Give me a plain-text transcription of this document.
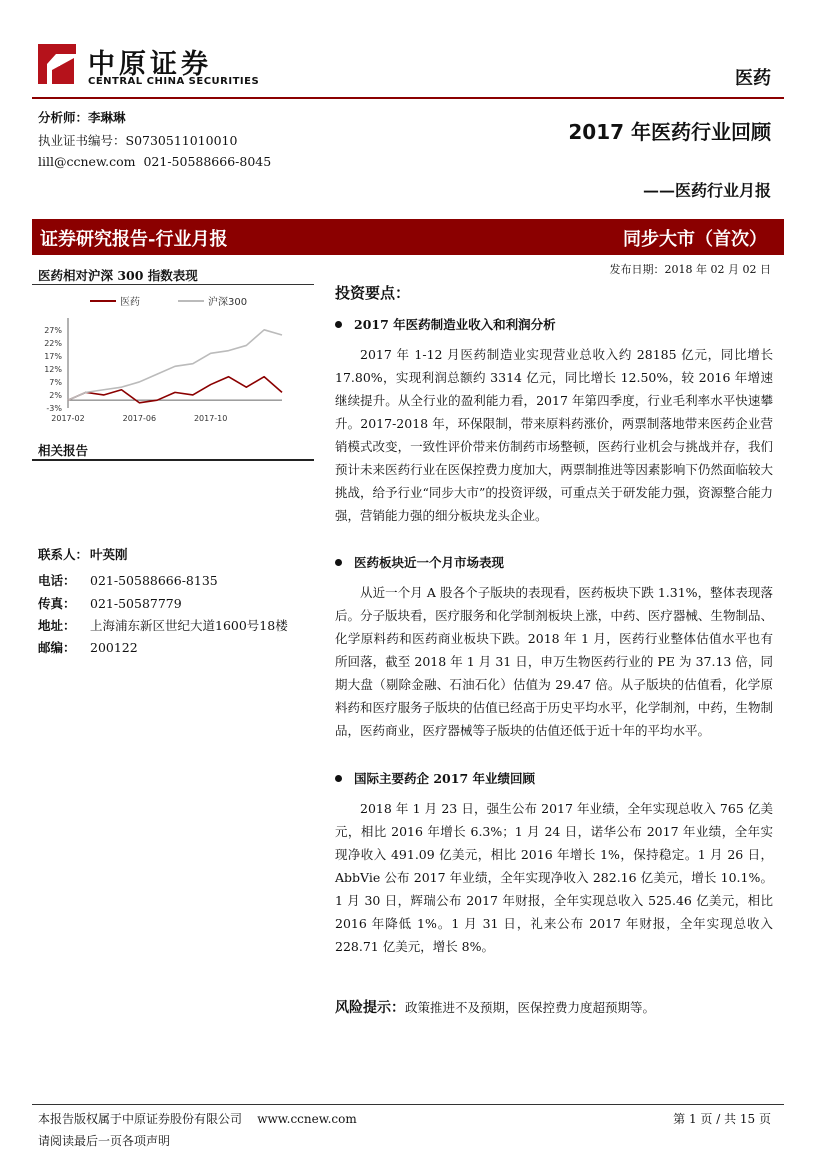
中原证券
CENTRAL CHINA SECURITIES	医药
分析师：李琳琳
执业证书编号：S0730511010010
lill@ccnew.com  021-50588666-8045
2017 年医药行业回顾
——医药行业月报
证券研究报告-行业月报	同步大市（首次）
发布日期：2018 年 02 月 02 日
医药相对沪深 300 指数表现
医药	沪深300
27%
22%
17%
12%
7%
2%
-3%
2017-02	2017-06	2017-10
相关报告
联系人： 叶英刚
电话： 021-50588666-8135
传真： 021-50587779
地址： 上海浦东新区世纪大道1600号18楼
邮编： 200122
投资要点：
2017 年医药制造业收入和利润分析
2017 年 1-12 月医药制造业实现营业总收入约 28185 亿元，同比增长 17.80%，实现利润总额约 3314 亿元，同比增长 12.50%，较 2016 年增速继续提升。从全行业的盈利能力看，2017 年第四季度，行业毛利率水平快速攀升。2017-2018 年，环保限制，带来原料药涨价，两票制落地带来医药企业营销模式改变，一致性评价带来仿制药市场整顿，医药行业机会与挑战并存，我们预计未来医药行业在医保控费力度加大，两票制推进等因素影响下仍然面临较大挑战，给予行业“同步大市”的投资评级，可重点关于研发能力强，资源整合能力强，营销能力强的细分板块龙头企业。
医药板块近一个月市场表现
从近一个月 A 股各个子版块的表现看，医药板块下跌 1.31%，整体表现落后。分子版块看，医疗服务和化学制剂板块上涨，中药、医疗器械、生物制品、化学原料药和医药商业板块下跌。2018 年 1 月，医药行业整体估值水平也有所回落，截至 2018 年 1 月 31 日，申万生物医药行业的 PE 为 37.13 倍，同期大盘（剔除金融、石油石化）估值为 29.47 倍。从子版块的估值看，化学原料药和医疗服务子版块的估值已经高于历史平均水平，化学制剂，中药，生物制品，医药商业，医疗器械等子版块的估值还低于近十年的平均水平。
国际主要药企 2017 年业绩回顾
2018 年 1 月 23 日，强生公布 2017 年业绩，全年实现总收入 765 亿美元，相比 2016 年增长 6.3%；1 月 24 日，诺华公布 2017 年业绩，全年实现净收入 491.09 亿美元，相比 2016 年增长 1%，保持稳定。1 月 26 日，AbbVie 公布 2017 年业绩，全年实现净收入 282.16 亿美元，增长 10.1%。1 月 30 日，辉瑞公布 2017 年财报，全年实现总收入 525.46 亿美元，相比 2016 年降低 1%。1 月 31 日，礼来公布 2017 年财报，全年实现总收入 228.71 亿美元，增长 8%。
风险提示：政策推进不及预期，医保控费力度超预期等。
本报告版权属于中原证券股份有限公司    www.ccnew.com
请阅读最后一页各项声明
第 1 页 / 共 15 页
